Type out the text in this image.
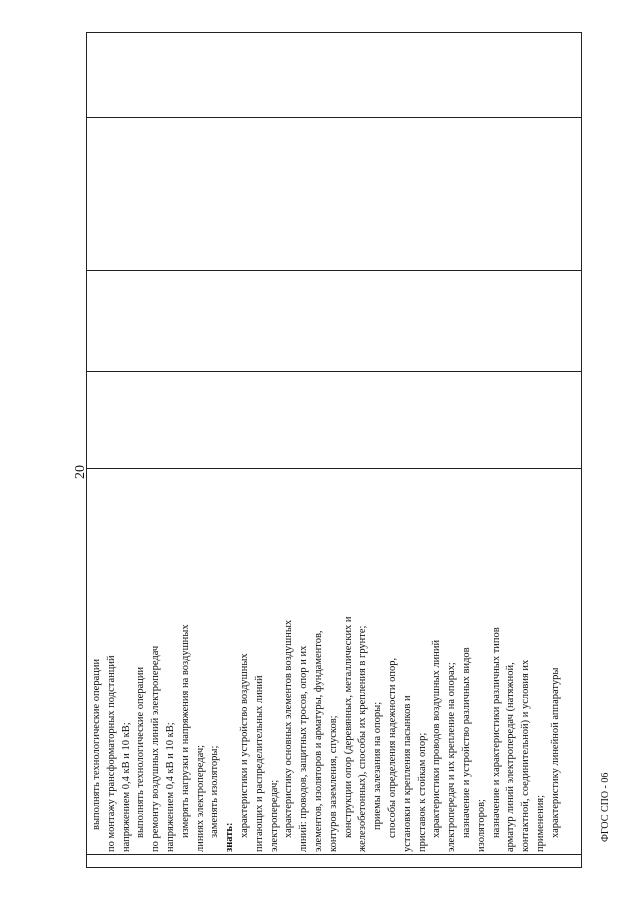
20

выполнять технологические операции по монтажу трансформаторных подстанций напряжением 0,4 кВ и 10 кВ; выполнять технологические операции по ремонту воздушных линий электропередач напряжением 0,4 кВ и 10 кВ; измерять нагрузки и напряжения на воздушных линиях электропередач; заменять изоляторы; знать: характеристики и устройство воздушных питающих и распределительных линий электропередач; характеристику основных элементов воздушных линий: проводов, защитных тросов, опор и их элементов, изоляторов и арматуры, фундаментов, контуров заземления, спусков; конструкции опор (деревянных, металлических и железобетонных), способы их крепления в грунте; приемы залезания на опоры; способы определения надежности опор, установки и крепления пасынков и приставок к стойкам опор; характеристики проводов воздушных линий электропередач и их крепление на опорах; назначение и устройство различных видов изоляторов; назначение и характеристики различных типов арматур линий электропередач (натяжной, контактной, соединительной) и условия их применения; характеристику линейной аппаратуры
					ФГОС СПО - 06
